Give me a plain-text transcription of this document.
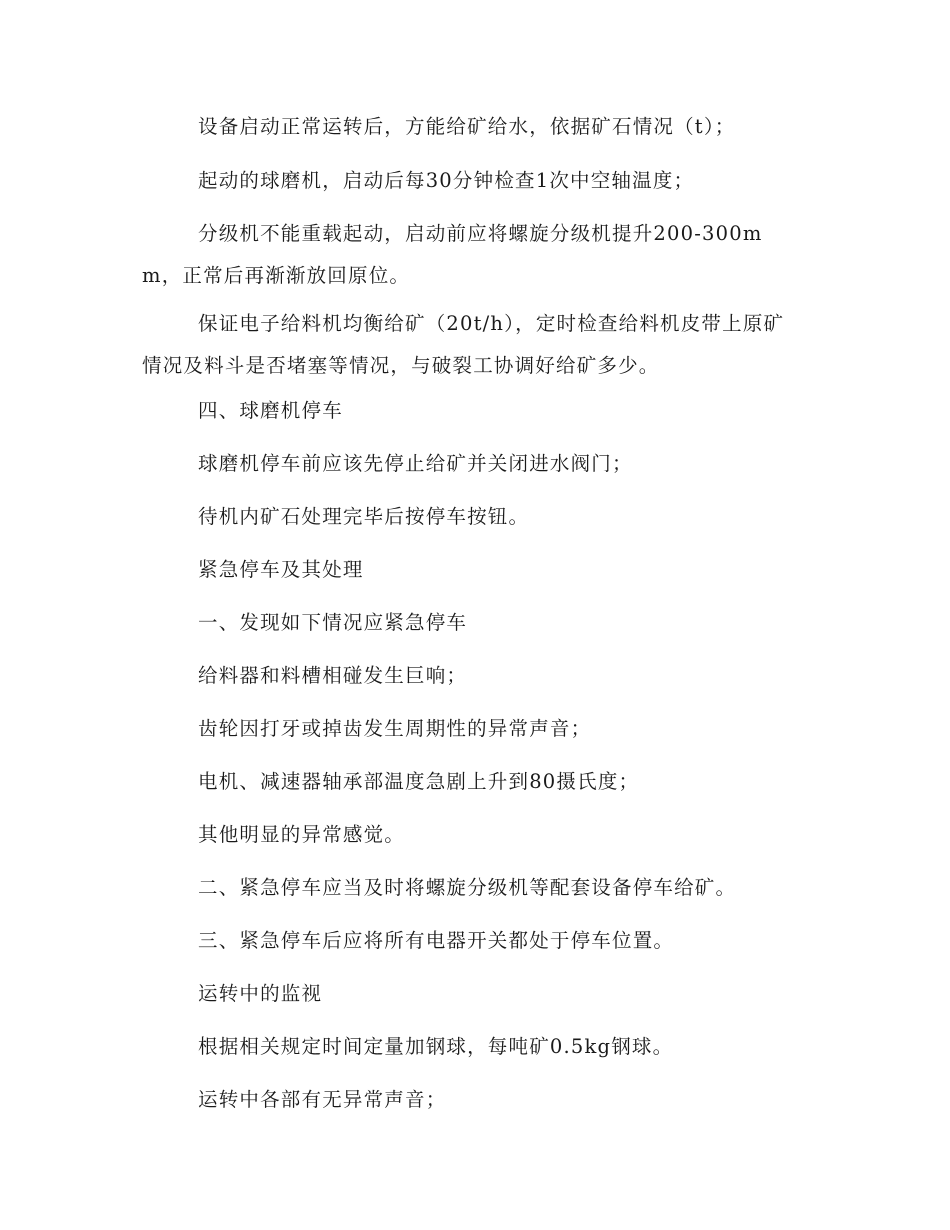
设备启动正常运转后，方能给矿给水，依据矿石情况（t）；

起动的球磨机，启动后每30分钟检查1次中空轴温度；

分级机不能重载起动，启动前应将螺旋分级机提升200-300mm，正常后再渐渐放回原位。

保证电子给料机均衡给矿（20t/h），定时检查给料机皮带上原矿情况及料斗是否堵塞等情况，与破裂工协调好给矿多少。

四、球磨机停车

球磨机停车前应该先停止给矿并关闭进水阀门；

待机内矿石处理完毕后按停车按钮。

紧急停车及其处理

一、发现如下情况应紧急停车

给料器和料槽相碰发生巨响；

齿轮因打牙或掉齿发生周期性的异常声音；

电机、减速器轴承部温度急剧上升到80摄氏度；

其他明显的异常感觉。

二、紧急停车应当及时将螺旋分级机等配套设备停车给矿。

三、紧急停车后应将所有电器开关都处于停车位置。

运转中的监视

根据相关规定时间定量加钢球，每吨矿0.5kg钢球。

运转中各部有无异常声音；
